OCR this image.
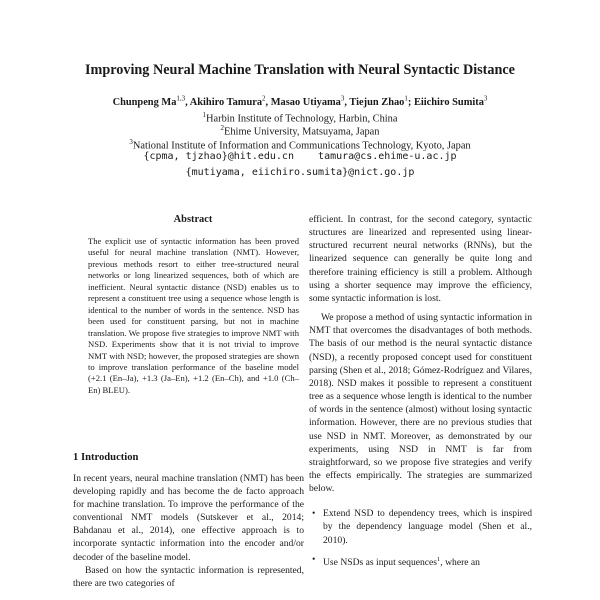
Improving Neural Machine Translation with Neural Syntactic Distance
Chunpeng Ma$^{1,3}$, Akihiro Tamura$^2$, Masao Utiyama$^3$, Tiejun Zhao$^1$; Eiichiro Sumita$^3$
$^1$Harbin Institute of Technology, Harbin, China
$^2$Ehime University, Matsuyama, Japan
$^3$National Institute of Information and Communications Technology, Kyoto, Japan
{cpma, tjzhao}@hit.edu.cn    tamura@cs.ehime-u.ac.jp
{mutiyama, eiichiro.sumita}@nict.go.jp
Abstract
The explicit use of syntactic information has been proved useful for neural machine translation (NMT). However, previous methods resort to either tree-structured neural networks or long linearized sequences, both of which are inefficient. Neural syntactic distance (NSD) enables us to represent a constituent tree using a sequence whose length is identical to the number of words in the sentence. NSD has been used for constituent parsing, but not in machine translation. We propose five strategies to improve NMT with NSD. Experiments show that it is not trivial to improve NMT with NSD; however, the proposed strategies are shown to improve translation performance of the baseline model (+2.1 (En–Ja), +1.3 (Ja–En), +1.2 (En–Ch), and +1.0 (Ch–En) BLEU).
1 Introduction

In recent years, neural machine translation (NMT) has been developing rapidly and has become the de facto approach for machine translation. To improve the performance of the conventional NMT models (Sutskever et al., 2014; Bahdanau et al., 2014), one effective approach is to incorporate syntactic information into the encoder and/or decoder of the baseline model.

Based on how the syntactic information is represented, there are two categories of

efficient. In contrast, for the second category, syntactic structures are linearized and represented using linear-structured recurrent neural networks (RNNs), but the linearized sequence can generally be quite long and therefore training efficiency is still a problem. Although using a shorter sequence may improve the efficiency, some syntactic information is lost.

We propose a method of using syntactic information in NMT that overcomes the disadvantages of both methods. The basis of our method is the neural syntactic distance (NSD), a recently proposed concept used for constituent parsing (Shen et al., 2018; Gómez-Rodríguez and Vilares, 2018). NSD makes it possible to represent a constituent tree as a sequence whose length is identical to the number of words in the sentence (almost) without losing syntactic information. However, there are no previous studies that use NSD in NMT. Moreover, as demonstrated by our experiments, using NSD in NMT is far from straightforward, so we propose five strategies and verify the effects empirically. The strategies are summarized below.

• Extend NSD to dependency trees, which is inspired by the dependency language model (Shen et al., 2010).
• Use NSDs as input sequences$^1$, where an
